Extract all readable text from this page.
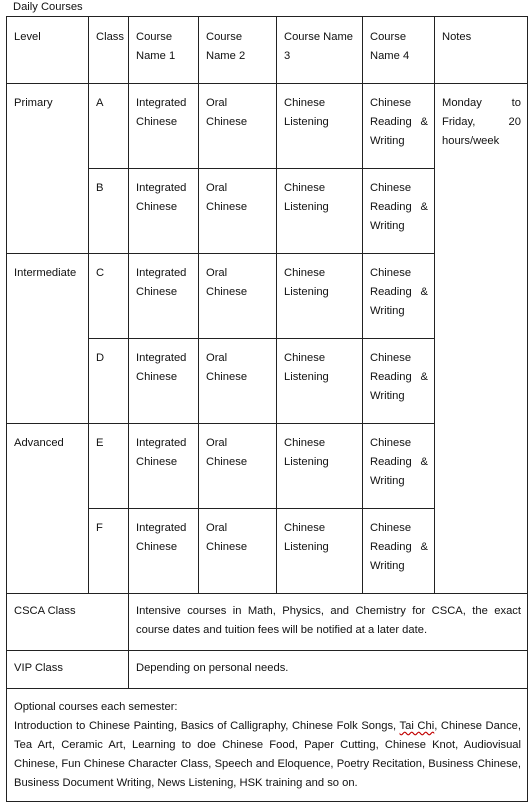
Daily Courses
Level	Class	Course Name 1	Course Name 2	Course Name 3	Course Name 4	Notes
Primary	A	Integrated Chinese	Oral Chinese	Chinese Listening	Chinese Reading & Writing	Monday to Friday, 20 hours/week
	B	Integrated Chinese	Oral Chinese	Chinese Listening	Chinese Reading & Writing	
Intermediate	C	Integrated Chinese	Oral Chinese	Chinese Listening	Chinese Reading & Writing	
	D	Integrated Chinese	Oral Chinese	Chinese Listening	Chinese Reading & Writing	
Advanced	E	Integrated Chinese	Oral Chinese	Chinese Listening	Chinese Reading & Writing	
	F	Integrated Chinese	Oral Chinese	Chinese Listening	Chinese Reading & Writing	
CSCA Class		Intensive courses in Math, Physics, and Chemistry for CSCA, the exact course dates and tuition fees will be notified at a later date.				
VIP Class		Depending on personal needs.				

Optional courses each semester:
Introduction to Chinese Painting, Basics of Calligraphy, Chinese Folk Songs, Tai Chi, Chinese Dance, Tea Art, Ceramic Art, Learning to doe Chinese Food, Paper Cutting, Chinese Knot, Audiovisual Chinese, Fun Chinese Character Class, Speech and Eloquence, Poetry Recitation, Business Chinese, Business Document Writing, News Listening, HSK training and so on.						
